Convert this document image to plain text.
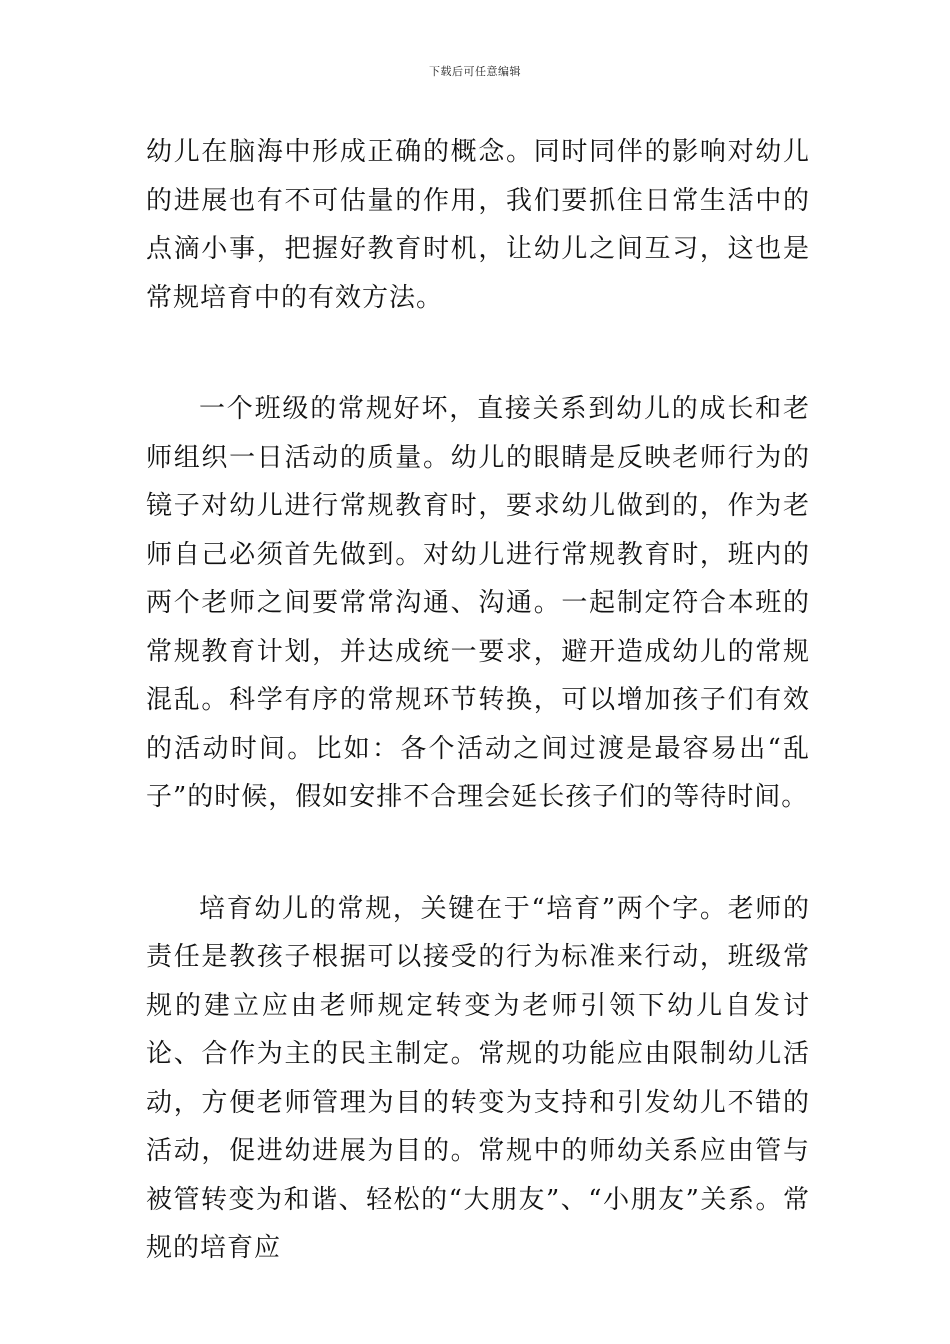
下载后可任意编辑

幼儿在脑海中形成正确的概念。同时同伴的影响对幼儿的进展也有不可估量的作用，我们要抓住日常生活中的点滴小事，把握好教育时机，让幼儿之间互习，这也是常规培育中的有效方法。

一个班级的常规好坏，直接关系到幼儿的成长和老师组织一日活动的质量。幼儿的眼睛是反映老师行为的镜子对幼儿进行常规教育时，要求幼儿做到的，作为老师自己必须首先做到。对幼儿进行常规教育时，班内的两个老师之间要常常沟通、沟通。一起制定符合本班的常规教育计划，并达成统一要求，避开造成幼儿的常规混乱。科学有序的常规环节转换，可以增加孩子们有效的活动时间。比如：各个活动之间过渡是最容易出“乱子”的时候，假如安排不合理会延长孩子们的等待时间。

培育幼儿的常规，关键在于“培育”两个字。老师的责任是教孩子根据可以接受的行为标准来行动，班级常规的建立应由老师规定转变为老师引领下幼儿自发讨论、合作为主的民主制定。常规的功能应由限制幼儿活动，方便老师管理为目的转变为支持和引发幼儿不错的活动，促进幼进展为目的。常规中的师幼关系应由管与被管转变为和谐、轻松的“大朋友”、“小朋友”关系。常规的培育应
